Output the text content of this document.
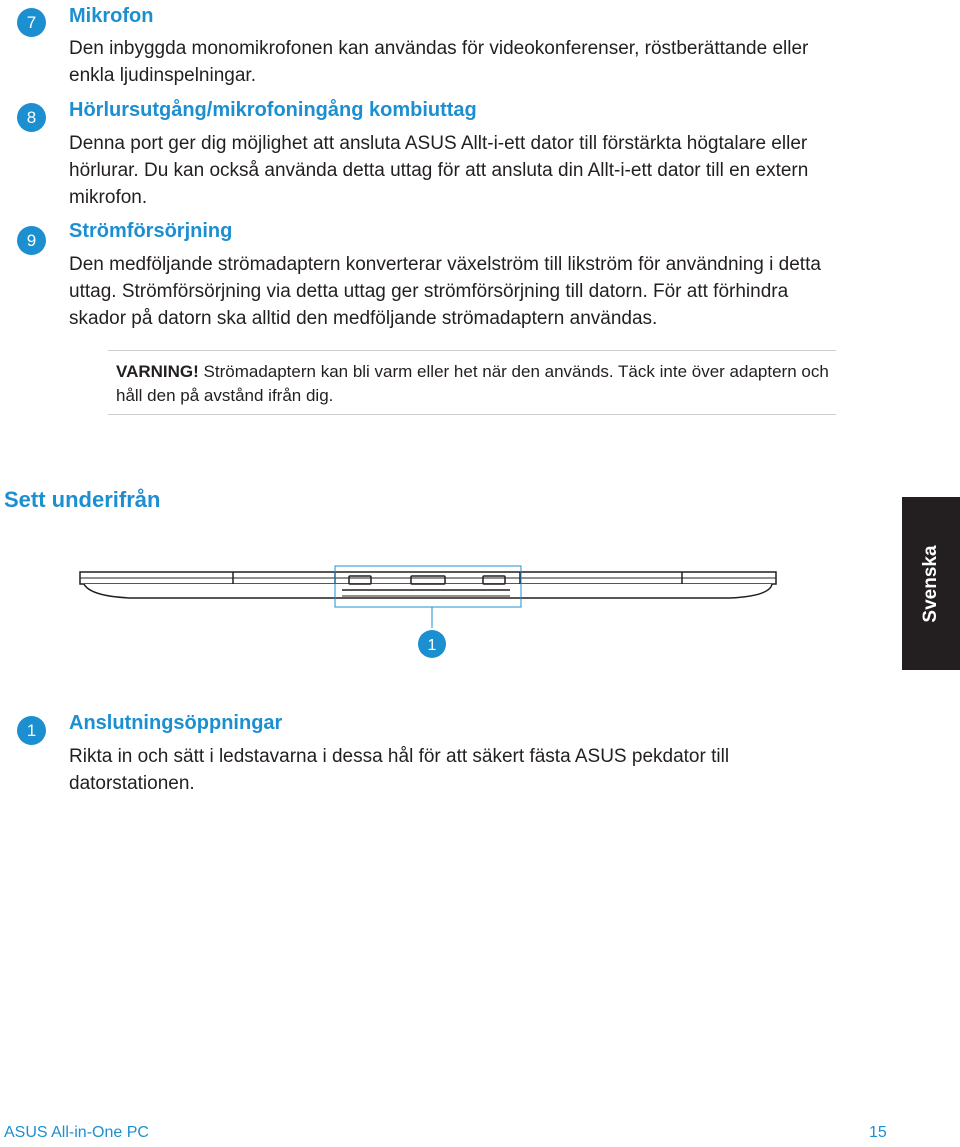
7	Mikrofon

Den inbyggda monomikrofonen kan användas för videokonferenser, röstberättande eller enkla ljudinspelningar.

8	Hörlursutgång/mikrofoningång kombiuttag

Denna port ger dig möjlighet att ansluta ASUS Allt-i-ett dator till förstärkta högtalare eller hörlurar. Du kan också använda detta uttag för att ansluta din Allt-i-ett dator till en extern mikrofon.

9	Strömförsörjning

Den medföljande strömadaptern konverterar växelström till likström för användning i detta uttag. Strömförsörjning via detta uttag ger strömförsörjning till datorn. För att förhindra skador på datorn ska alltid den medföljande strömadaptern användas.

VARNING! Strömadaptern kan bli varm eller het när den används. Täck inte över adaptern och håll den på avstånd ifrån dig.
Sett underifrån
Svenska
1
1	Anslutningsöppningar

Rikta in och sätt i ledstavarna i dessa hål för att säkert fästa ASUS pekdator till datorstationen.

ASUS All-in-One PC	15
